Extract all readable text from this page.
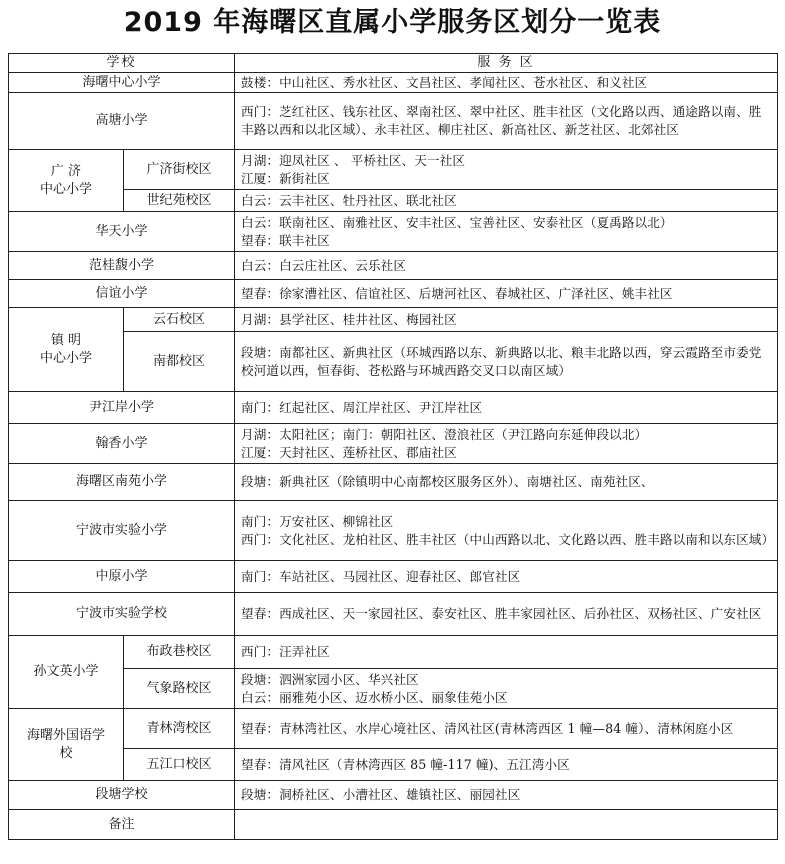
2019 年海曙区直属小学服务区划分一览表
学校		服 务 区
海曙中心小学		鼓楼：中山社区、秀水社区、文昌社区、孝闻社区、苍水社区、和义社区

高塘小学		西门：芝红社区、钱东社区、翠南社区、翠中社区、胜丰社区（文化路以西、通途路以南、胜丰路以西和以北区域）、永丰社区、柳庄社区、新高社区、新芝社区、北郊社区

广 济
中心小学	广济街校区	月湖：迎凤社区 、 平桥社区、天一社区
江厦：新街社区

	世纪苑校区	白云：云丰社区、牡丹社区、联北社区

华天小学		白云：联南社区、南雅社区、安丰社区、宝善社区、安泰社区（夏禹路以北）
望春：联丰社区

范桂馥小学		白云：白云庄社区、云乐社区

信谊小学		望春：徐家漕社区、信谊社区、后塘河社区、春城社区、广泽社区、姚丰社区

镇 明
中心小学	云石校区	月湖：县学社区、桂井社区、梅园社区

	南都校区	段塘：南都社区、新典社区（环城西路以东、新典路以北、粮丰北路以西，穿云霞路至市委党校河道以西，恒春街、苍松路与环城西路交叉口以南区域）

尹江岸小学		南门：红起社区、周江岸社区、尹江岸社区

翰香小学		月湖：太阳社区；南门：朝阳社区、澄浪社区（尹江路向东延伸段以北）
江厦：天封社区、莲桥社区、郡庙社区

海曙区南苑小学		段塘：新典社区（除镇明中心南都校区服务区外）、南塘社区、南苑社区、

宁波市实验小学		南门：万安社区、柳锦社区
西门：文化社区、龙柏社区、胜丰社区（中山西路以北、文化路以西、胜丰路以南和以东区域）

中原小学		南门：车站社区、马园社区、迎春社区、郎官社区

宁波市实验学校		望春：西成社区、天一家园社区、泰安社区、胜丰家园社区、后孙社区、双杨社区、广安社区

孙文英小学	布政巷校区	西门：汪弄社区

	气象路校区	段塘：泗洲家园小区、华兴社区
白云：丽雅苑小区、迈水桥小区、丽象佳苑小区

海曙外国语学
校	青林湾校区	望春：青林湾社区、水岸心境社区、清风社区(青林湾西区 1 幢—84 幢）、清林闲庭小区

	五江口校区	望春：清风社区（青林湾西区 85 幢-117 幢)、五江湾小区

段塘学校		段塘：洞桥社区、小漕社区、雄镇社区、丽园社区

备注		
